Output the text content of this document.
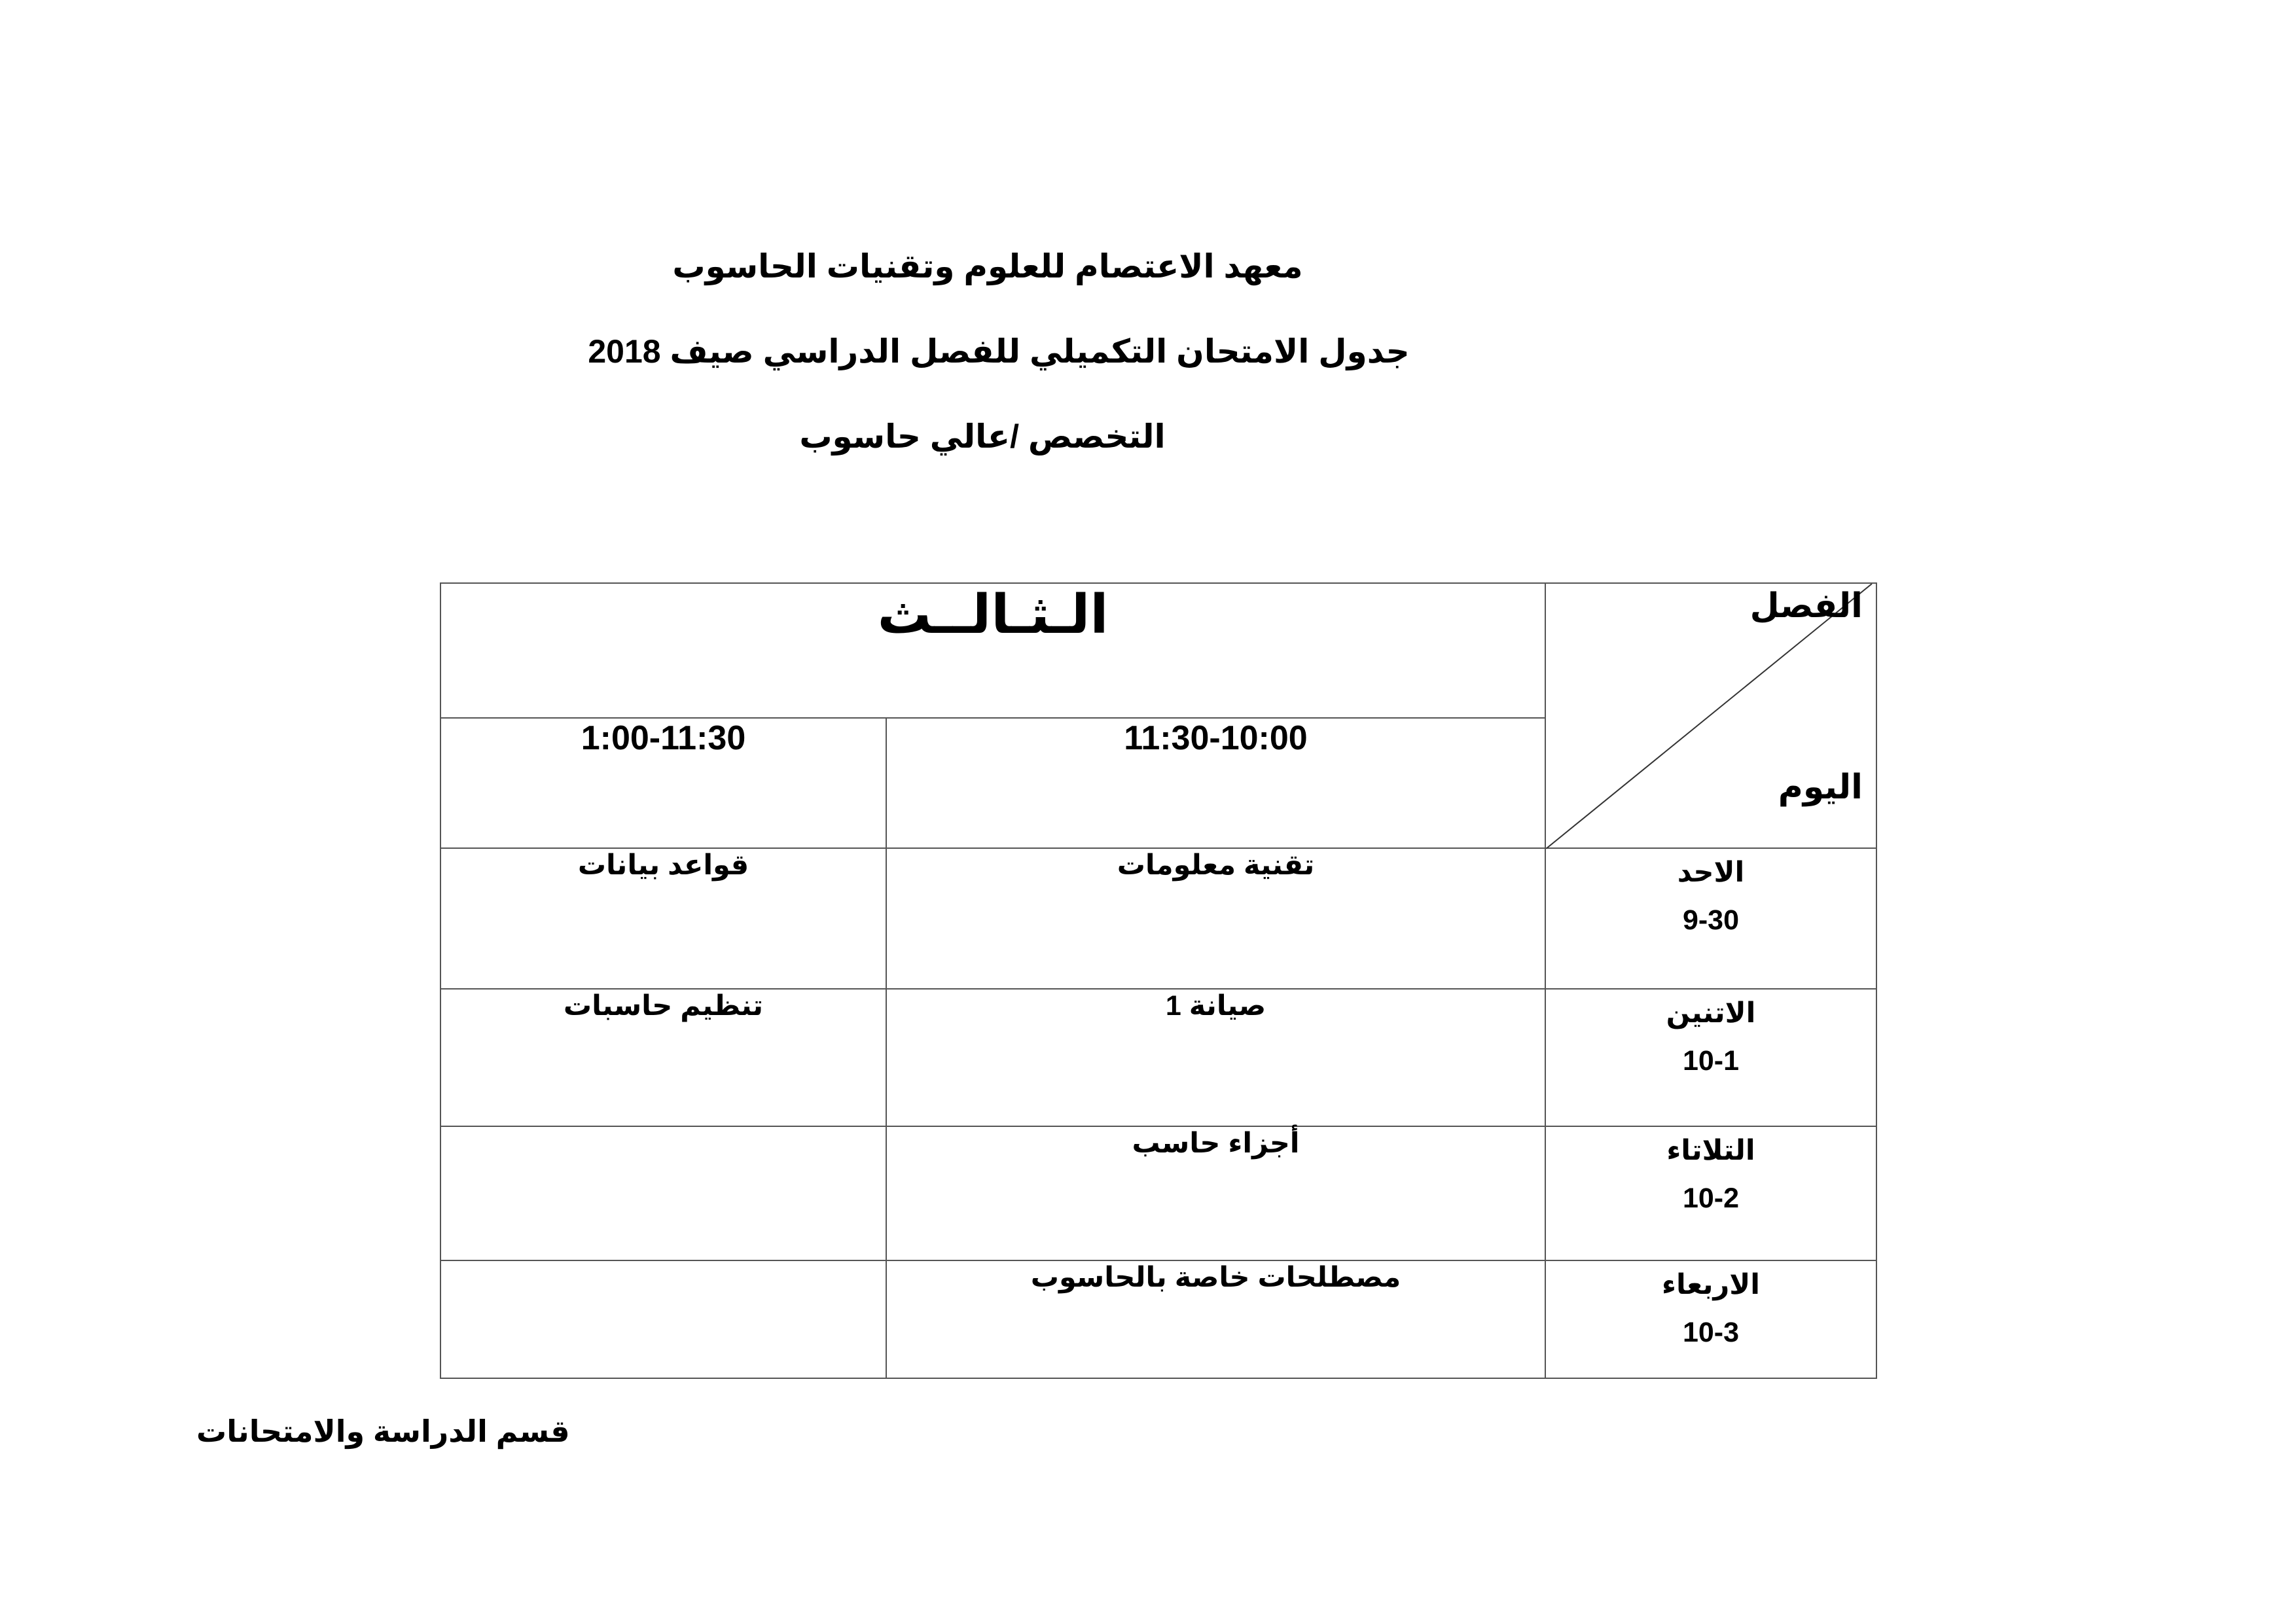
معهد الاعتصام للعلوم وتقنيات الحاسوب
جدول الامتحان التكميلي للفصل الدراسي صيف 2018
التخصص /عالي حاسوب
الـثـالــث		الفصل
اليوم

1:00-11:30	11:30-10:00	
قواعد بيانات	تقنية معلومات	الاحد
9-30

تنظيم حاسبات	صيانة 1	الاتنين
10-1

	أجزاء حاسب	التلاتاء
10-2

	مصطلحات خاصة بالحاسوب	الاربعاء
10-3
قسم الدراسة والامتحانات
